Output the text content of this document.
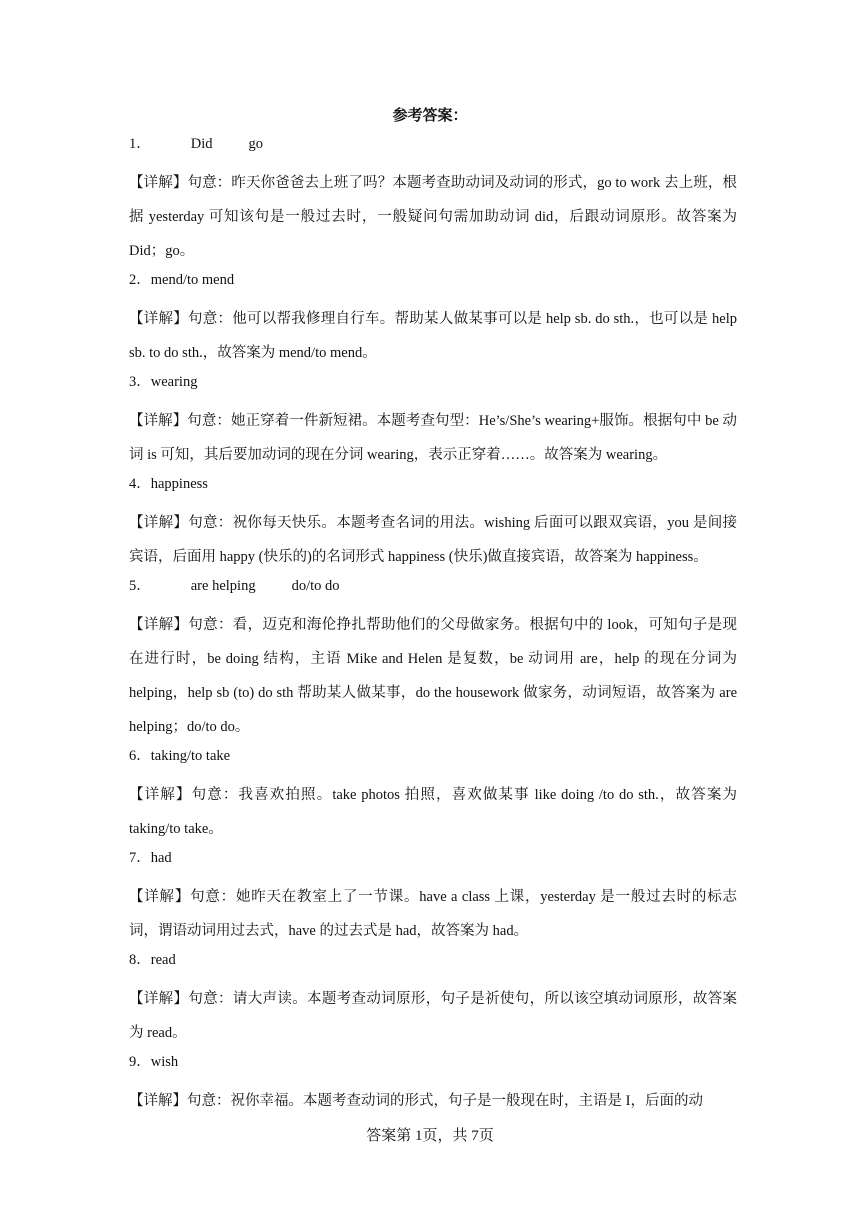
参考答案：
1．	Did go
【详解】句意：昨天你爸爸去上班了吗？本题考查助动词及动词的形式，go to work 去上班，根据 yesterday 可知该句是一般过去时，一般疑问句需加助动词 did，后跟动词原形。故答案为 Did；go。
2．mend/to mend
【详解】句意：他可以帮我修理自行车。帮助某人做某事可以是 help sb. do sth.，也可以是 help sb. to do sth.，故答案为 mend/to mend。
3．wearing
【详解】句意：她正穿着一件新短裙。本题考查句型：He’s/She’s wearing+服饰。根据句中 be 动词 is 可知，其后要加动词的现在分词 wearing，表示正穿着……。故答案为 wearing。
4．happiness
【详解】句意：祝你每天快乐。本题考查名词的用法。wishing 后面可以跟双宾语，you 是间接宾语，后面用 happy (快乐的)的名词形式 happiness (快乐)做直接宾语，故答案为 happiness。
5．	are helping do/to do
【详解】句意：看，迈克和海伦挣扎帮助他们的父母做家务。根据句中的 look，可知句子是现在进行时，be doing 结构，主语 Mike and Helen 是复数，be 动词用 are，help 的现在分词为 helping，help sb (to) do sth 帮助某人做某事，do the housework 做家务，动词短语，故答案为 are helping；do/to do。
6．taking/to take
【详解】句意：我喜欢拍照。take photos 拍照，喜欢做某事 like doing /to do sth.，故答案为 taking/to take。
7．had
【详解】句意：她昨天在教室上了一节课。have a class 上课，yesterday 是一般过去时的标志词，谓语动词用过去式，have 的过去式是 had，故答案为 had。
8．read
【详解】句意：请大声读。本题考查动词原形，句子是祈使句，所以该空填动词原形，故答案为 read。
9．wish
【详解】句意：祝你幸福。本题考查动词的形式，句子是一般现在时，主语是 I，后面的动
答案第 1页，共 7页
